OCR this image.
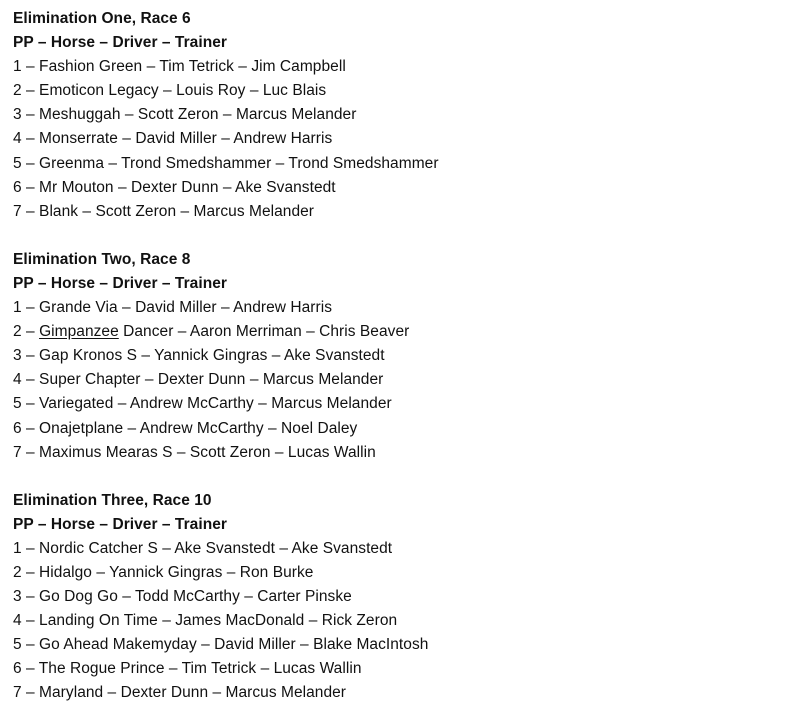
Elimination One, Race 6
PP – Horse – Driver – Trainer
1 – Fashion Green – Tim Tetrick – Jim Campbell
2 – Emoticon Legacy – Louis Roy – Luc Blais
3 – Meshuggah – Scott Zeron – Marcus Melander
4 – Monserrate – David Miller – Andrew Harris
5 – Greenma – Trond Smedshammer – Trond Smedshammer
6 – Mr Mouton – Dexter Dunn – Ake Svanstedt
7 – Blank – Scott Zeron – Marcus Melander
Elimination Two, Race 8
PP – Horse – Driver – Trainer
1 – Grande Via – David Miller – Andrew Harris
2 – Gimpanzee Dancer – Aaron Merriman – Chris Beaver
3 – Gap Kronos S – Yannick Gingras – Ake Svanstedt
4 – Super Chapter – Dexter Dunn – Marcus Melander
5 – Variegated – Andrew McCarthy – Marcus Melander
6 – Onajetplane – Andrew McCarthy – Noel Daley
7 – Maximus Mearas S – Scott Zeron – Lucas Wallin
Elimination Three, Race 10
PP – Horse – Driver – Trainer
1 – Nordic Catcher S – Ake Svanstedt – Ake Svanstedt
2 – Hidalgo – Yannick Gingras – Ron Burke
3 – Go Dog Go – Todd McCarthy – Carter Pinske
4 – Landing On Time – James MacDonald – Rick Zeron
5 – Go Ahead Makemyday – David Miller – Blake MacIntosh
6 – The Rogue Prince – Tim Tetrick – Lucas Wallin
7 – Maryland – Dexter Dunn – Marcus Melander
